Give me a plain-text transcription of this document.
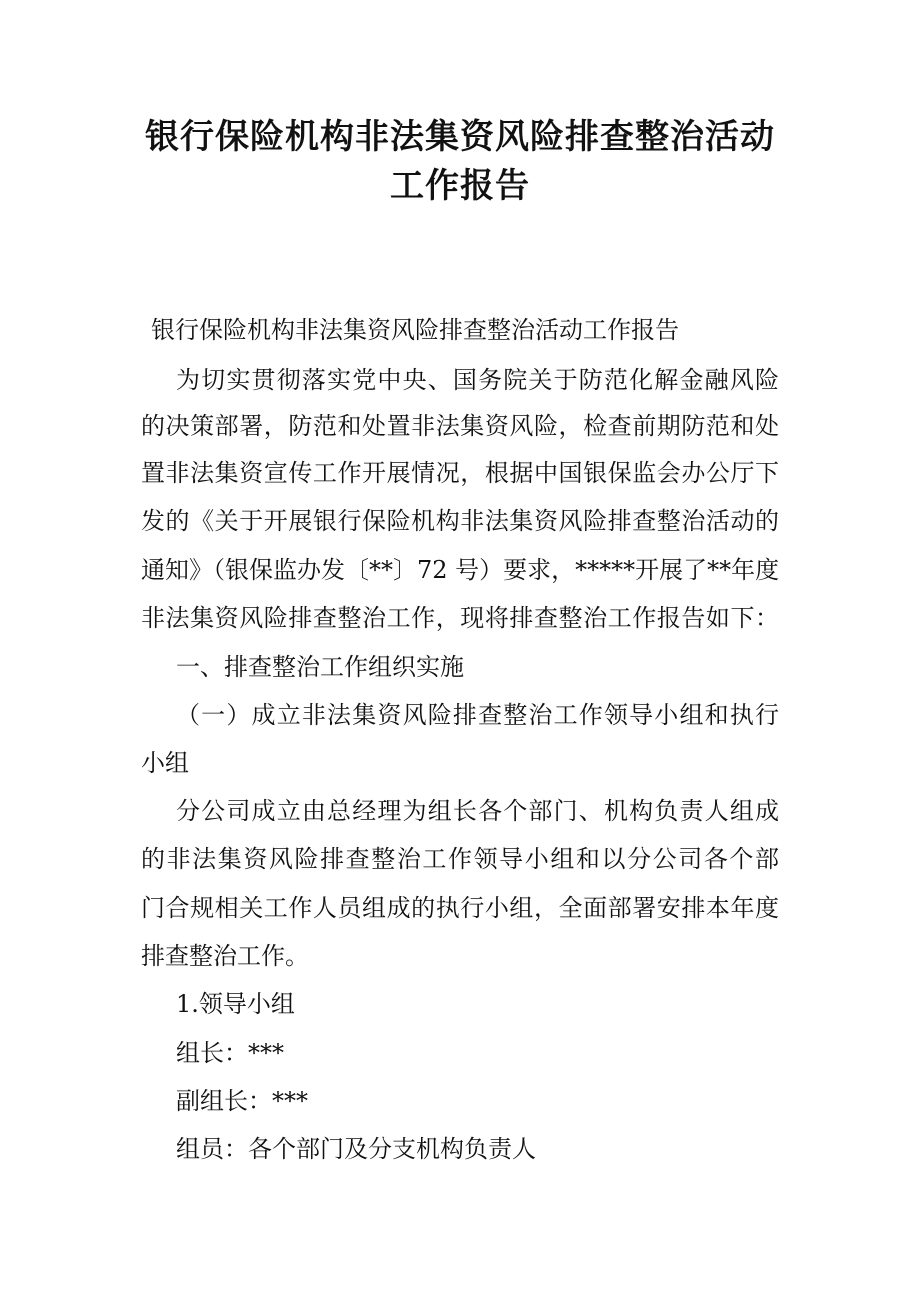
银行保险机构非法集资风险排查整治活动
工作报告
银行保险机构非法集资风险排查整治活动工作报告
为切实贯彻落实党中央、国务院关于防范化解金融风险
的决策部署，防范和处置非法集资风险，检查前期防范和处
置非法集资宣传工作开展情况，根据中国银保监会办公厅下
发的《关于开展银行保险机构非法集资风险排查整治活动的
通知》（银保监办发〔**〕72 号）要求，*****开展了**年度
非法集资风险排查整治工作，现将排查整治工作报告如下：
一、排查整治工作组织实施
（一）成立非法集资风险排查整治工作领导小组和执行
小组
分公司成立由总经理为组长各个部门、机构负责人组成
的非法集资风险排查整治工作领导小组和以分公司各个部
门合规相关工作人员组成的执行小组，全面部署安排本年度
排查整治工作。
1.领导小组
组长：***
副组长：***
组员：各个部门及分支机构负责人
